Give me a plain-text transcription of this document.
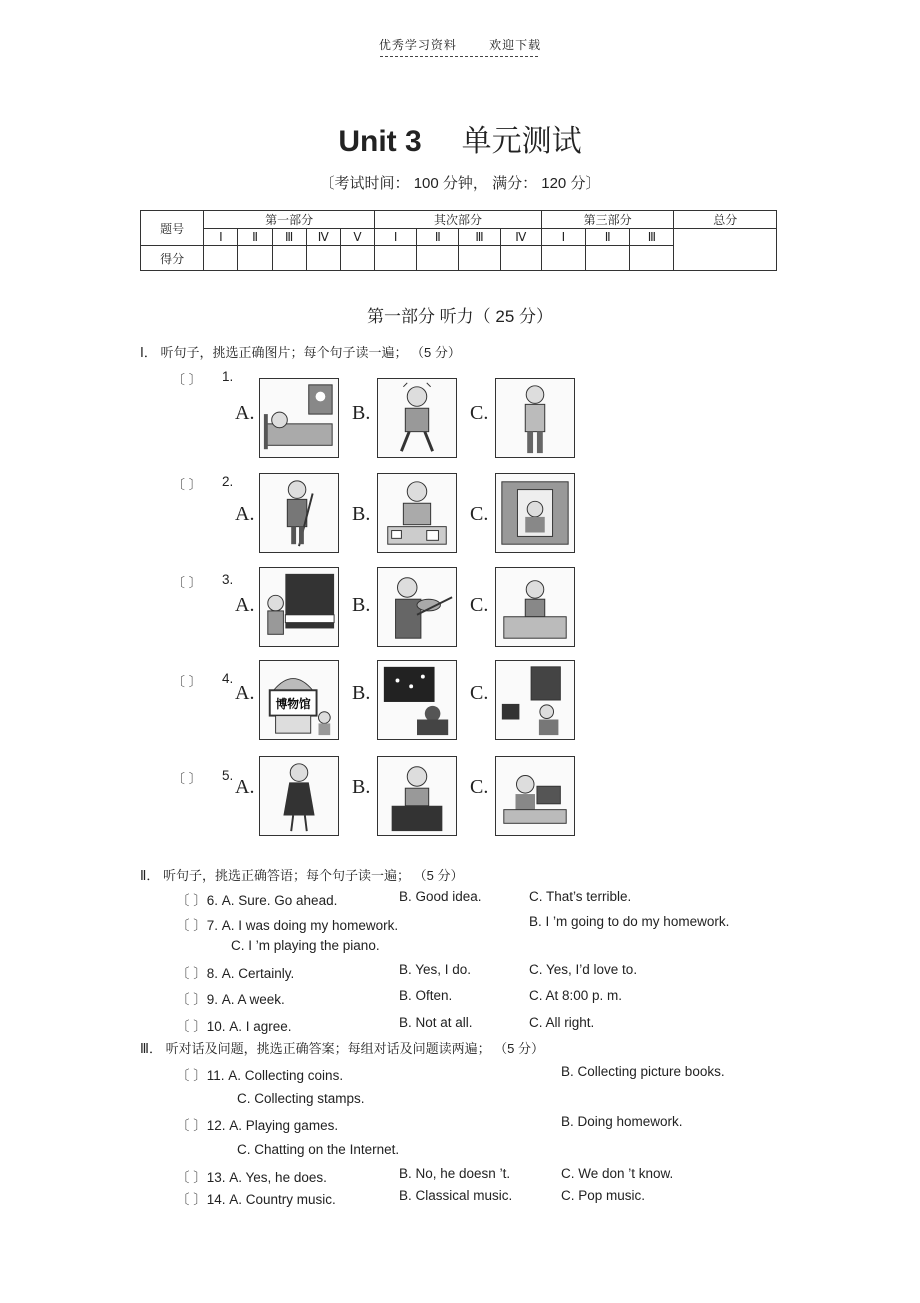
优秀学习资料	欢迎下载
Unit 3 单元测试
〔考试时间： 100 分钟， 满分： 120 分〕
题号	第一部分					其次部分				第三部分			总分
	Ⅰ	Ⅱ	Ⅲ	Ⅳ	Ⅴ	Ⅰ	Ⅱ	Ⅲ	Ⅳ	Ⅰ	Ⅱ	Ⅲ	
得分													
第一部分 听力（ 25 分）
Ⅰ． 听句子，挑选正确图片；每个句子读一遍； （5 分）
〔 〕 1.
A.	B.	C.
〔 〕 2.
A.	B.	C.
〔 〕 3.
A.	B.	C.
〔 〕 4.
A.	B.	C.
博物馆
〔 〕 5.
A.	B.	C.
Ⅱ． 听句子，挑选正确答语；每个句子读一遍； （5 分）
〔 〕6. A. Sure. Go ahead.	B. Good idea.	C. That’s terrible.
〔 〕7. A. I was doing my homework.	B. I ’m going to do my homework.
C. I ’m playing the piano.
〔 〕8. A. Certainly.	B. Yes, I do.	C. Yes, I’d love to.
〔 〕9. A. A week.	B. Often.	C. At 8:00 p. m.
〔 〕10. A. I agree.	B. Not at all.	C. All right.
Ⅲ． 听对话及问题，挑选正确答案；每组对话及问题读两遍； （5 分）
〔 〕11. A. Collecting coins.	B. Collecting picture books.
C. Collecting stamps.
〔 〕12. A. Playing games.	B. Doing homework.
C. Chatting on the Internet.
〔 〕13. A. Yes, he does.	B. No, he doesn ’t.	C. We don ’t know.
〔 〕14. A. Country music.	B. Classical music.	C. Pop music.
